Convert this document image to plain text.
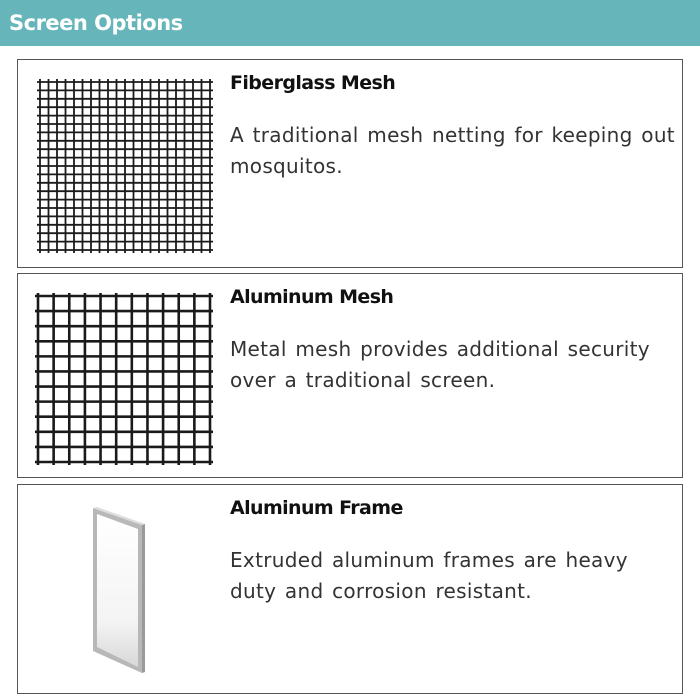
Screen Options
Fiberglass Mesh
A traditional mesh netting for keeping out mosquitos.
Aluminum Mesh
Metal mesh provides additional security over a traditional screen.
Aluminum Frame
Extruded aluminum frames are heavy duty and corrosion resistant.
